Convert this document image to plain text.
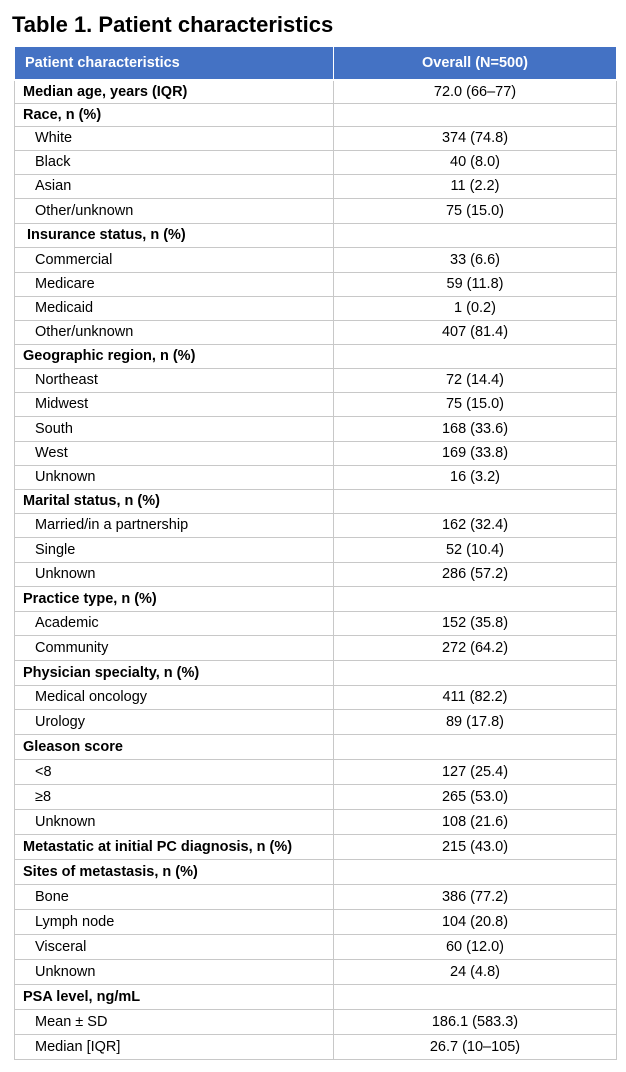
Table 1. Patient characteristics
Patient characteristics	Overall (N=500)
Median age, years (IQR)	72.0 (66–77)
Race, n (%)	
White	374 (74.8)
Black	40 (8.0)
Asian	11 (2.2)
Other/unknown	75 (15.0)
Insurance status, n (%)	
Commercial	33 (6.6)
Medicare	59 (11.8)
Medicaid	1 (0.2)
Other/unknown	407 (81.4)
Geographic region, n (%)	
Northeast	72 (14.4)
Midwest	75 (15.0)
South	168 (33.6)
West	169 (33.8)
Unknown	16 (3.2)
Marital status, n (%)	
Married/in a partnership	162 (32.4)
Single	52 (10.4)
Unknown	286 (57.2)
Practice type, n (%)	
Academic	152 (35.8)
Community	272 (64.2)
Physician specialty, n (%)	
Medical oncology	411 (82.2)
Urology	89 (17.8)
Gleason score	
<8	127 (25.4)
≥8	265 (53.0)
Unknown	108 (21.6)
Metastatic at initial PC diagnosis, n (%)	215 (43.0)
Sites of metastasis, n (%)	
Bone	386 (77.2)
Lymph node	104 (20.8)
Visceral	60 (12.0)
Unknown	24 (4.8)
PSA level, ng/mL	
Mean ± SD	186.1 (583.3)
Median [IQR]	26.7 (10–105)
